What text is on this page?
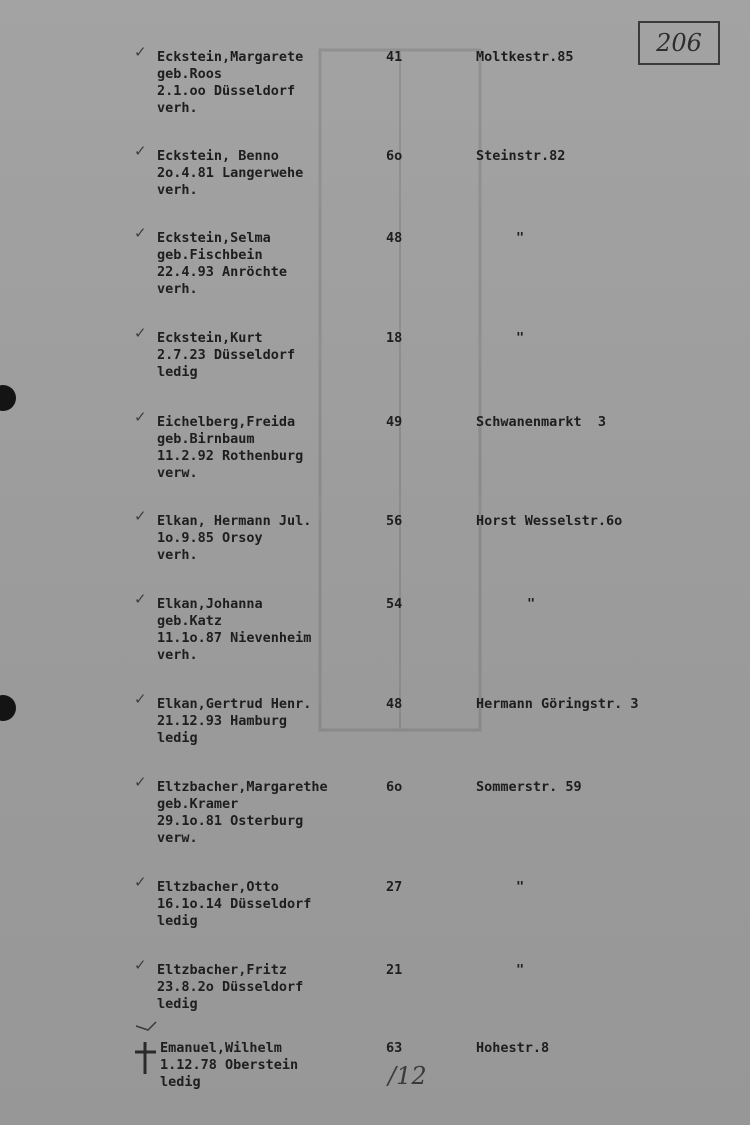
206
✓ Eckstein,Margarete
geb.Roos
2.1.oo Düsseldorf
verh.
41	Moltkestr.85
✓ Eckstein, Benno
2o.4.81 Langerwehe
verh.
6o	Steinstr.82
✓ Eckstein,Selma
geb.Fischbein
22.4.93 Anröchte
verh.
48	"
✓ Eckstein,Kurt
2.7.23 Düsseldorf
ledig
18	"
✓ Eichelberg,Freida
geb.Birnbaum
11.2.92 Rothenburg
verw.
49	Schwanenmarkt  3
✓ Elkan, Hermann Jul.
1o.9.85 Orsoy
verh.
56	Horst Wesselstr.6o
✓ Elkan,Johanna
geb.Katz
11.1o.87 Nievenheim
verh.
54	"
✓ Elkan,Gertrud Henr.
21.12.93 Hamburg
ledig
48	Hermann Göringstr. 3
✓ Eltzbacher,Margarethe
geb.Kramer
29.1o.81 Osterburg
verw.
6o	Sommerstr. 59
✓ Eltzbacher,Otto
16.1o.14 Düsseldorf
ledig
27	"
✓ Eltzbacher,Fritz
23.8.2o Düsseldorf
ledig
21	"
Emanuel,Wilhelm
1.12.78 Oberstein
ledig
63	Hohestr.8
/12
